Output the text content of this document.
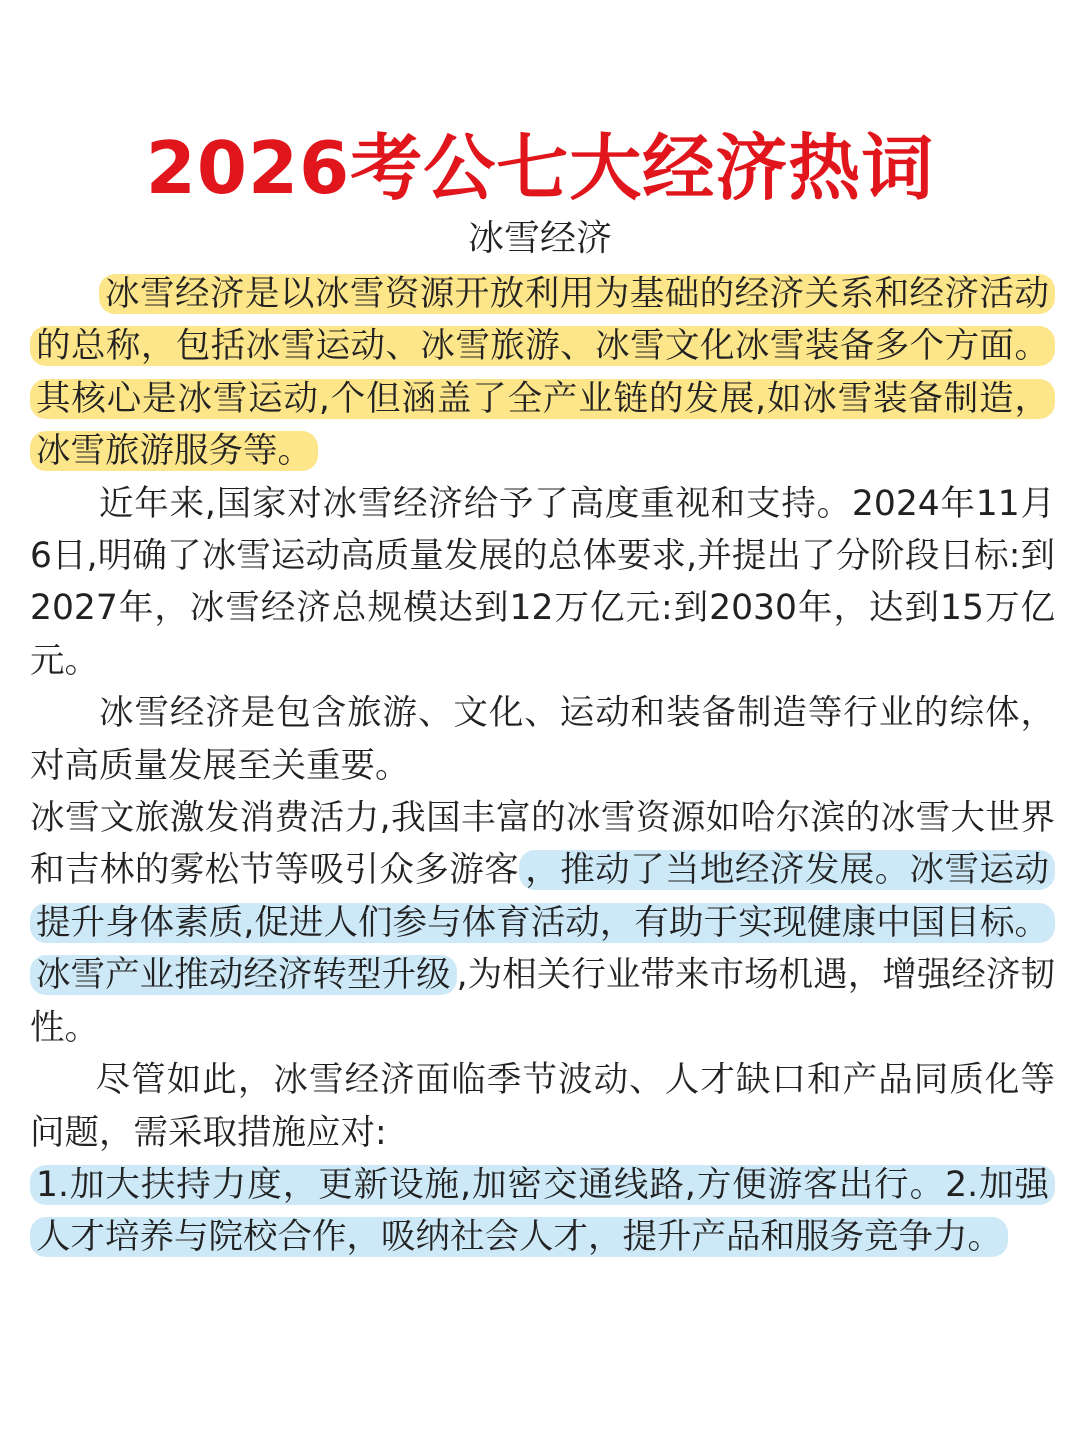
2026考公七大经济热词
冰雪经济

冰雪经济是以冰雪资源开放利用为基础的经济关系和经济活动的总称，包括冰雪运动、冰雪旅游、冰雪文化冰雪装备多个方面。其核心是冰雪运动,个但涵盖了全产业链的发展,如冰雪装备制造，冰雪旅游服务等。

近年来,国家对冰雪经济给予了高度重视和支持。2024年11月6日,明确了冰雪运动高质量发展的总体要求,并提出了分阶段日标:到2027年，冰雪经济总规模达到12万亿元:到2030年，达到15万亿元。

冰雪经济是包含旅游、文化、运动和装备制造等行业的综体，对高质量发展至关重要。

冰雪文旅激发消费活力,我国丰富的冰雪资源如哈尔滨的冰雪大世界和吉林的雾松节等吸引众多游客 ，推动了当地经济发展。冰雪运动提升身体素质,促进人们参与体育活动，有助于实现健康中国目标。冰雪产业推动经济转型升级 ,为相关行业带来市场机遇，增强经济韧性。

尽管如此，冰雪经济面临季节波动、人才缺口和产品同质化等问题，需采取措施应对:

1.加大扶持力度，更新设施,加密交通线路,方便游客出行。2.加强人才培养与院校合作，吸纳社会人才，提升产品和服务竞争力。
